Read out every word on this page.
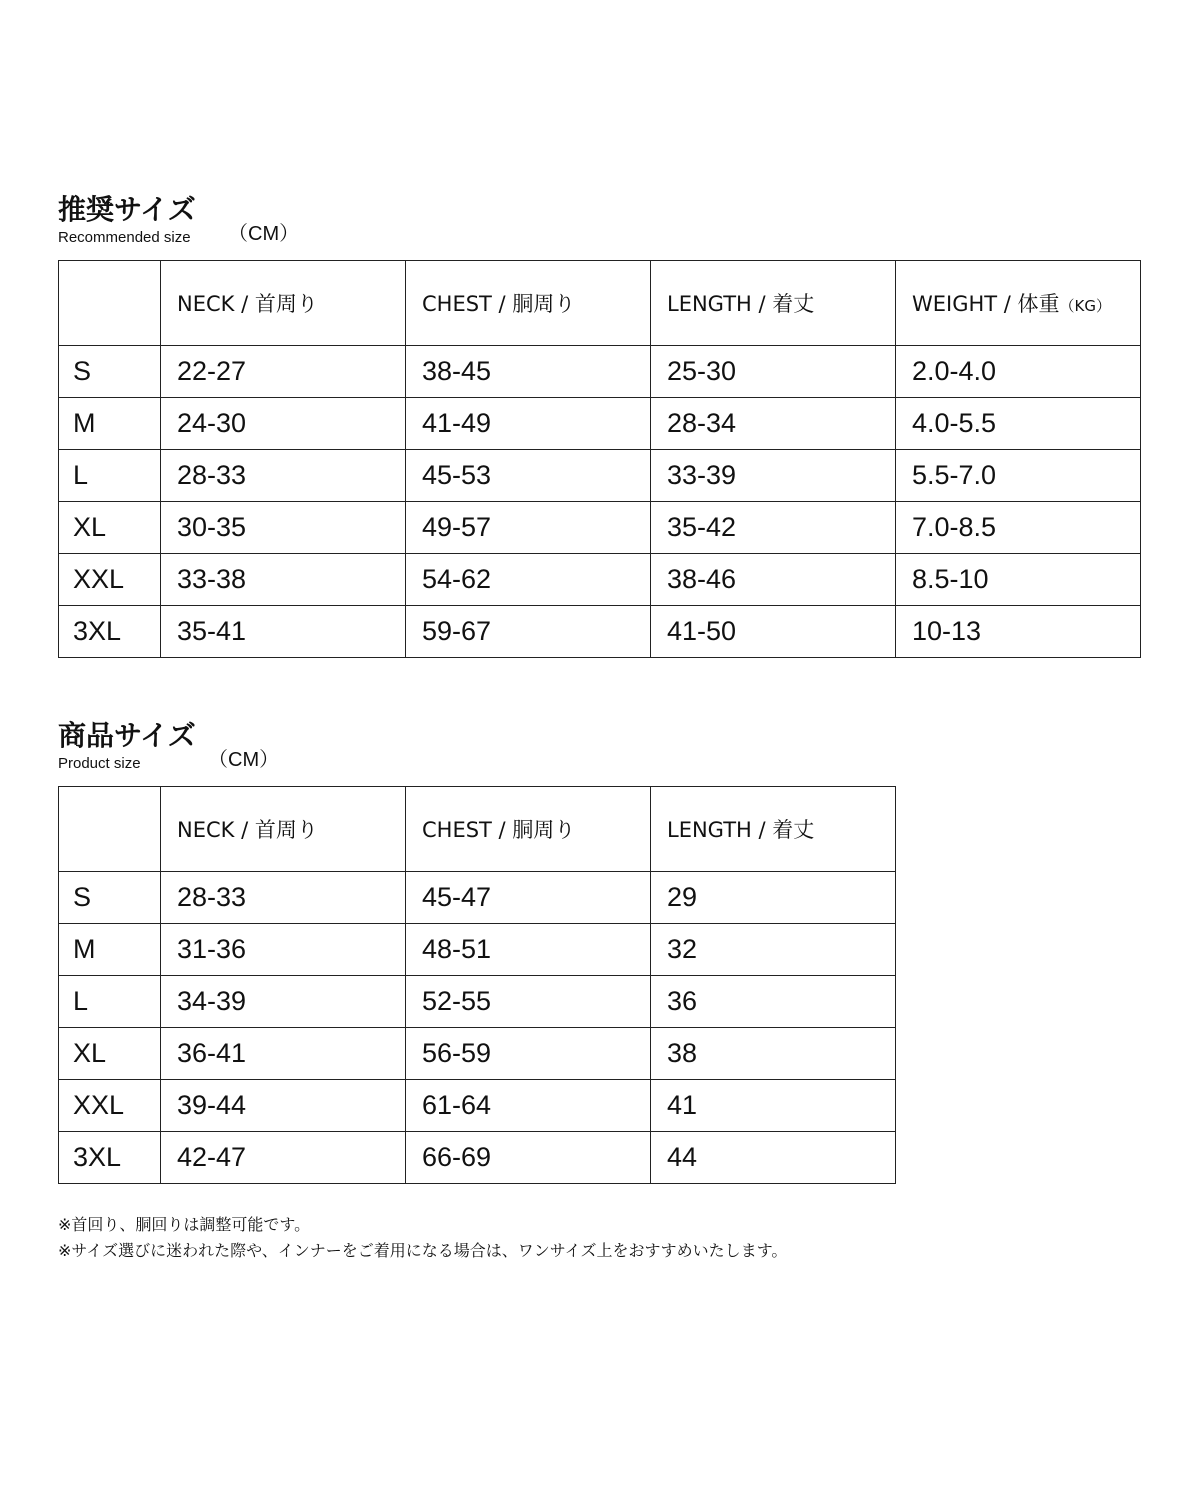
推奨サイズ
Recommended size （CM）
	NECK / 首周り	CHEST / 胴周り	LENGTH / 着丈	WEIGHT / 体重（KG）
S	22-27	38-45	25-30	2.0-4.0
M	24-30	41-49	28-34	4.0-5.5
L	28-33	45-53	33-39	5.5-7.0
XL	30-35	49-57	35-42	7.0-8.5
XXL	33-38	54-62	38-46	8.5-10
3XL	35-41	59-67	41-50	10-13
商品サイズ
Product size	（CM）
	NECK / 首周り	CHEST / 胴周り	LENGTH / 着丈
S	28-33	45-47	29
M	31-36	48-51	32
L	34-39	52-55	36
XL	36-41	56-59	38
XXL	39-44	61-64	41
3XL	42-47	66-69	44
※首回り、胴回りは調整可能です。
※サイズ選びに迷われた際や、インナーをご着用になる場合は、ワンサイズ上をおすすめいたします。
